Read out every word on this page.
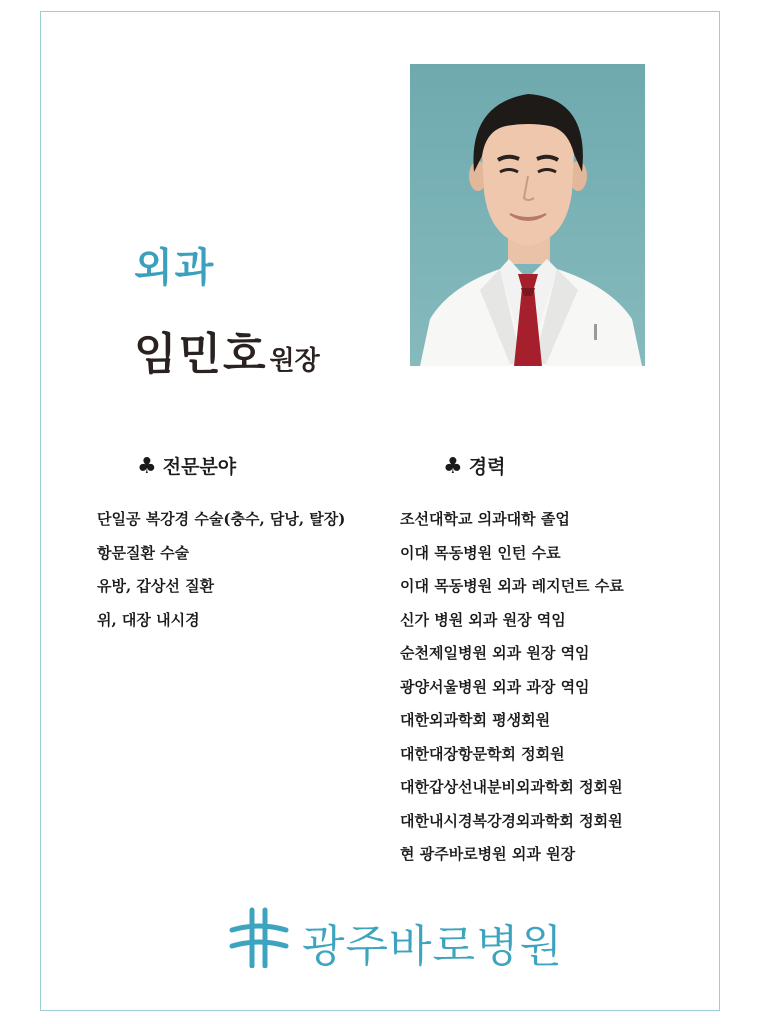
외과
임민호원장
♣ 전문분야	♣ 경력
단일공 복강경 수술(충수, 담낭, 탈장)
항문질환 수술
유방, 갑상선 질환
위, 대장 내시경
조선대학교 의과대학 졸업
이대 목동병원 인턴 수료
이대 목동병원 외과 레지던트 수료
신가 병원 외과 원장 역임
순천제일병원 외과 원장 역임
광양서울병원 외과 과장 역임
대한외과학회 평생회원
대한대장항문학회 정회원
대한갑상선내분비외과학회 정회원
대한내시경복강경외과학회 정회원
현 광주바로병원 외과 원장
광주바로병원
